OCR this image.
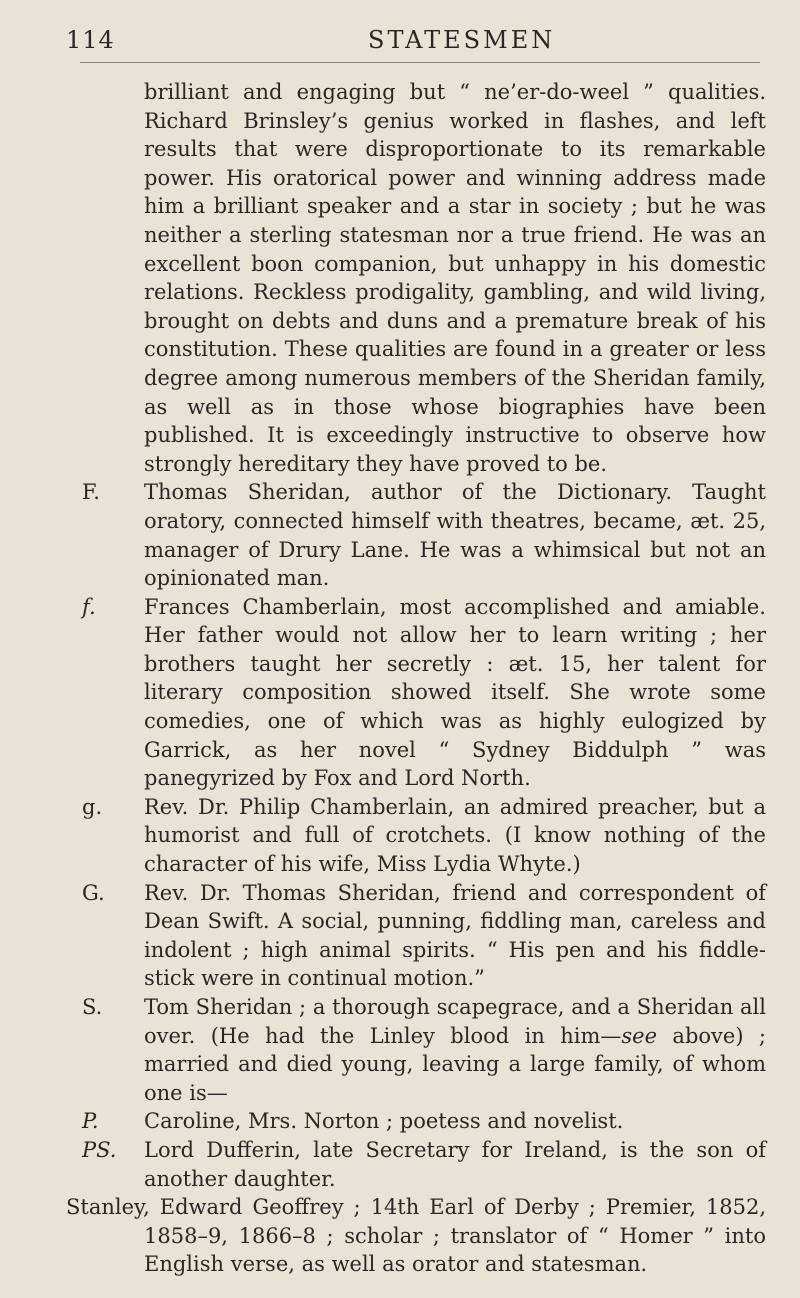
114	STATESMEN

brilliant and engaging but “ ne’er-do-weel ” qualities. Richard Brinsley’s genius worked in flashes, and left results that were disproportionate to its remarkable power. His oratorical power and winning address made him a brilliant speaker and a star in society ; but he was neither a sterling statesman nor a true friend. He was an excellent boon companion, but unhappy in his domestic relations. Reckless prodigality, gambling, and wild living, brought on debts and duns and a premature break of his constitution. These qualities are found in a greater or less degree among numerous members of the Sheridan family, as well as in those whose biographies have been published. It is exceedingly instructive to observe how strongly hereditary they have proved to be.

F.	Thomas Sheridan, author of the Dictionary. Taught oratory, connected himself with theatres, became, æt. 25, manager of Drury Lane. He was a whimsical but not an opinionated man.

f.	Frances Chamberlain, most accomplished and amiable. Her father would not allow her to learn writing ; her brothers taught her secretly : æt. 15, her talent for literary composition showed itself. She wrote some comedies, one of which was as highly eulogized by Garrick, as her novel “ Sydney Biddulph ” was panegyrized by Fox and Lord North.

g.	Rev. Dr. Philip Chamberlain, an admired preacher, but a humorist and full of crotchets. (I know nothing of the character of his wife, Miss Lydia Whyte.)

G.	Rev. Dr. Thomas Sheridan, friend and correspondent of Dean Swift. A social, punning, fiddling man, careless and indolent ; high animal spirits. “ His pen and his fiddle-stick were in continual motion.”

S.	Tom Sheridan ; a thorough scapegrace, and a Sheridan all over. (He had the Linley blood in him—see above) ; married and died young, leaving a large family, of whom one is—

P.	Caroline, Mrs. Norton ; poetess and novelist.

PS.	Lord Dufferin, late Secretary for Ireland, is the son of another daughter.

Stanley, Edward Geoffrey ; 14th Earl of Derby ; Premier, 1852, 1858–9, 1866–8 ; scholar ; translator of “ Homer ” into English verse, as well as orator and statesman.
